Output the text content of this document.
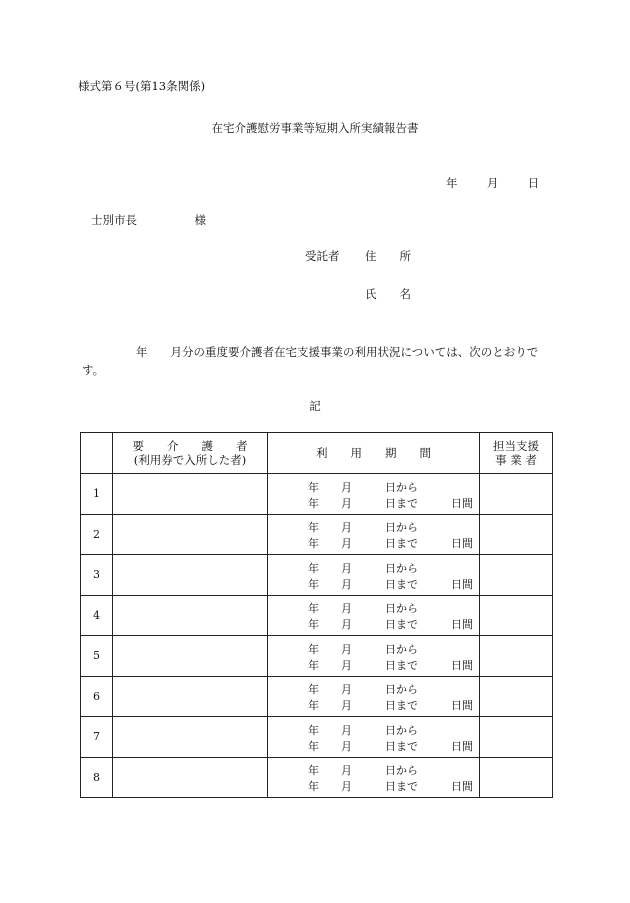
様式第６号(第13条関係)
在宅介護慰労事業等短期入所実績報告書
年	月	日
士別市長　　　　　様
受託者 住　　所
氏　　名
年　　月分の重度要介護者在宅支援事業の利用状況については、次のとおりです。
記

	要　　介　　護　　者
(利用券で入所した者)	利　　用　　期　　間	担当支援
事 業 者

1		年　　月　　　日から
年　　月　　　日まで 日間	

2		年　　月　　　日から
年　　月　　　日まで 日間	

3		年　　月　　　日から
年　　月　　　日まで 日間	

4		年　　月　　　日から
年　　月　　　日まで 日間	

5		年　　月　　　日から
年　　月　　　日まで 日間	

6		年　　月　　　日から
年　　月　　　日まで 日間	

7		年　　月　　　日から
年　　月　　　日まで 日間	

8		年　　月　　　日から
年　　月　　　日まで 日間	
